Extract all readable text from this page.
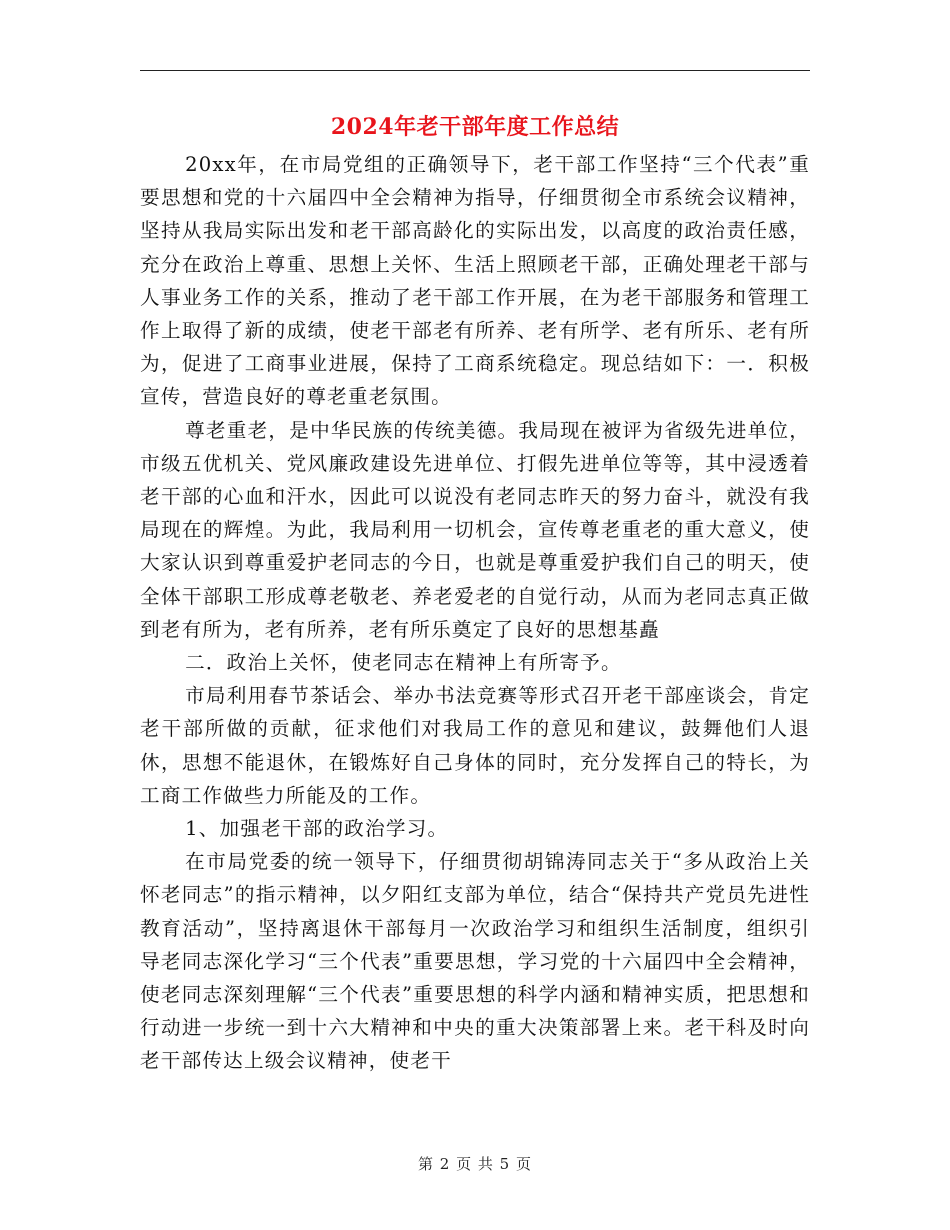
2024年老干部年度工作总结

20xx年，在市局党组的正确领导下，老干部工作坚持“三个代表”重要思想和党的十六届四中全会精神为指导，仔细贯彻全市系统会议精神，坚持从我局实际出发和老干部高龄化的实际出发，以高度的政治责任感，充分在政治上尊重、思想上关怀、生活上照顾老干部，正确处理老干部与人事业务工作的关系，推动了老干部工作开展，在为老干部服务和管理工作上取得了新的成绩，使老干部老有所养、老有所学、老有所乐、老有所为，促进了工商事业进展，保持了工商系统稳定。现总结如下：一．积极宣传，营造良好的尊老重老氛围。

尊老重老，是中华民族的传统美德。我局现在被评为省级先进单位，市级五优机关、党风廉政建设先进单位、打假先进单位等等，其中浸透着老干部的心血和汗水，因此可以说没有老同志昨天的努力奋斗，就没有我局现在的辉煌。为此，我局利用一切机会，宣传尊老重老的重大意义，使大家认识到尊重爱护老同志的今日，也就是尊重爱护我们自己的明天，使全体干部职工形成尊老敬老、养老爱老的自觉行动，从而为老同志真正做到老有所为，老有所养，老有所乐奠定了良好的思想基矗

二．政治上关怀，使老同志在精神上有所寄予。

市局利用春节茶话会、举办书法竞赛等形式召开老干部座谈会，肯定老干部所做的贡献，征求他们对我局工作的意见和建议，鼓舞他们人退休，思想不能退休，在锻炼好自己身体的同时，充分发挥自己的特长，为工商工作做些力所能及的工作。

1、加强老干部的政治学习。

在市局党委的统一领导下，仔细贯彻胡锦涛同志关于“多从政治上关怀老同志”的指示精神，以夕阳红支部为单位，结合“保持共产党员先进性教育活动”，坚持离退休干部每月一次政治学习和组织生活制度，组织引导老同志深化学习“三个代表”重要思想，学习党的十六届四中全会精神，使老同志深刻理解“三个代表”重要思想的科学内涵和精神实质，把思想和行动进一步统一到十六大精神和中央的重大决策部署上来。老干科及时向老干部传达上级会议精神，使老干

第 2 页 共 5 页
